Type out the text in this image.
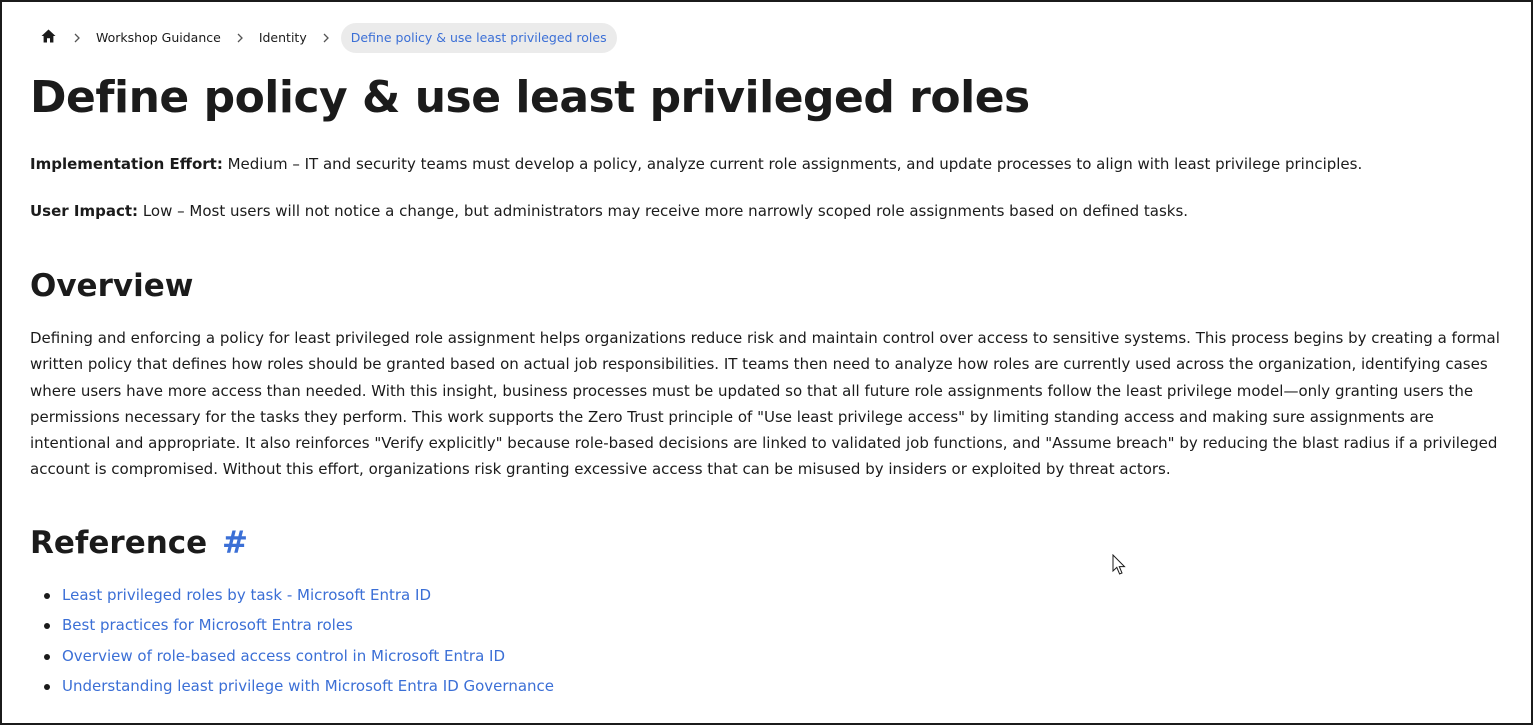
Workshop Guidance	Identity	Define policy & use least privileged roles
Define policy & use least privileged roles

Implementation Effort: Medium – IT and security teams must develop a policy, analyze current role assignments, and update processes to align with least privilege principles.

User Impact: Low – Most users will not notice a change, but administrators may receive more narrowly scoped role assignments based on defined tasks.

Overview

Defining and enforcing a policy for least privileged role assignment helps organizations reduce risk and maintain control over access to sensitive systems. This process begins by creating a formal written policy that defines how roles should be granted based on actual job responsibilities. IT teams then need to analyze how roles are currently used across the organization, identifying cases where users have more access than needed. With this insight, business processes must be updated so that all future role assignments follow the least privilege model—only granting users the permissions necessary for the tasks they perform. This work supports the Zero Trust principle of "Use least privilege access" by limiting standing access and making sure assignments are intentional and appropriate. It also reinforces "Verify explicitly" because role-based decisions are linked to validated job functions, and "Assume breach" by reducing the blast radius if a privileged account is compromised. Without this effort, organizations risk granting excessive access that can be misused by insiders or exploited by threat actors.

Reference #
Least privileged roles by task - Microsoft Entra ID
Best practices for Microsoft Entra roles
Overview of role-based access control in Microsoft Entra ID
Understanding least privilege with Microsoft Entra ID Governance
